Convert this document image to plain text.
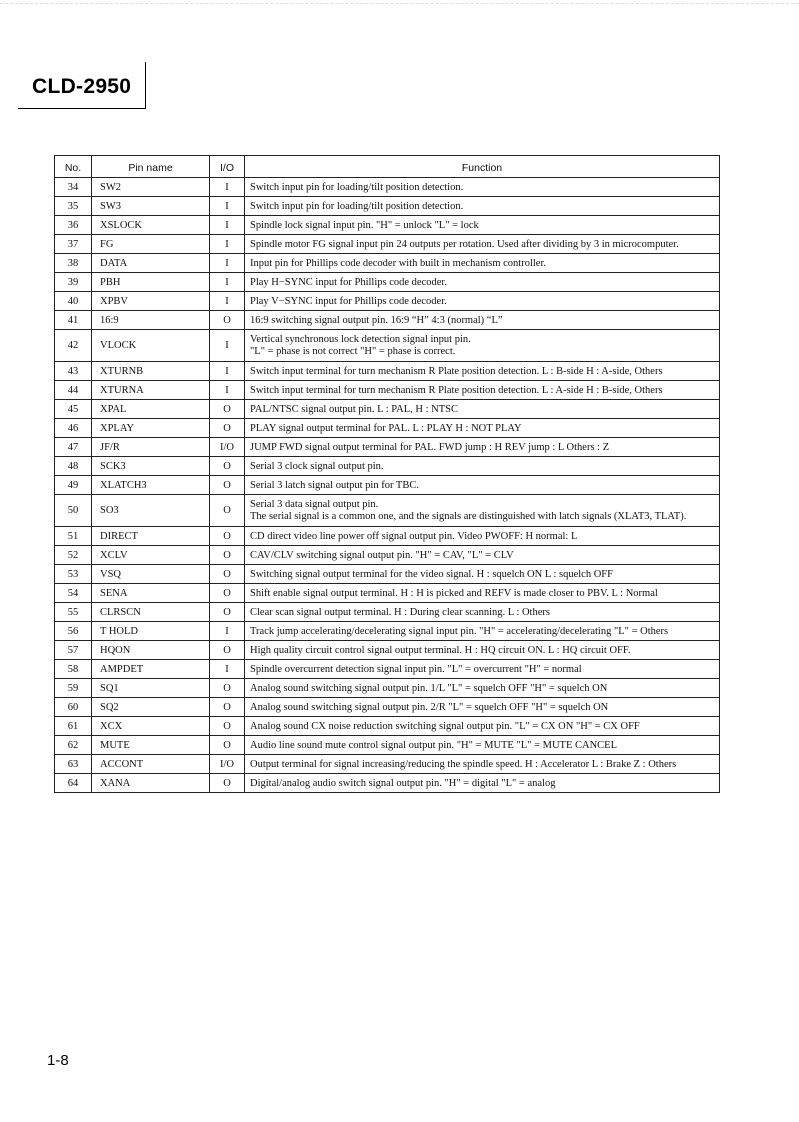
CLD-2950
No.	Pin name	I/O	Function
34	SW2	I	Switch input pin for loading/tilt position detection.

35	SW3	I	Switch input pin for loading/tilt position detection.

36	XSLOCK	I	Spindle lock signal input pin. "H" = unlock "L" = lock

37	FG	I	Spindle motor FG signal input pin 24 outputs per rotation. Used after dividing by 3 in microcomputer.

38	DATA	I	Input pin for Phillips code decoder with built in mechanism controller.

39	PBH	I	Play H−SYNC input for Phillips code decoder.

40	XPBV	I	Play V−SYNC input for Phillips code decoder.

41	16:9	O	16:9 switching signal output pin. 16:9 “H” 4:3 (normal) “L”

42	VLOCK	I	Vertical synchronous lock detection signal input pin.
"L" = phase is not correct "H" = phase is correct.

43	XTURNB	I	Switch input terminal for turn mechanism R Plate position detection. L : B-side H : A-side, Others

44	XTURNA	I	Switch input terminal for turn mechanism R Plate position detection. L : A-side H : B-side, Others

45	XPAL	O	PAL/NTSC signal output pin. L : PAL, H : NTSC

46	XPLAY	O	PLAY signal output terminal for PAL. L : PLAY H : NOT PLAY

47	JF/R	I/O	JUMP FWD signal output terminal for PAL. FWD jump : H REV jump : L Others : Z

48	SCK3	O	Serial 3 clock signal output pin.

49	XLATCH3	O	Serial 3 latch signal output pin for TBC.

50	SO3	O	Serial 3 data signal output pin.
The serial signal is a common one, and the signals are distinguished with latch signals (XLAT3, TLAT).

51	DIRECT	O	CD direct video line power off signal output pin. Video PWOFF: H normal: L

52	XCLV	O	CAV/CLV switching signal output pin. "H" = CAV, "L" = CLV

53	VSQ	O	Switching signal output terminal for the video signal. H : squelch ON L : squelch OFF

54	SENA	O	Shift enable signal output terminal. H : H is picked and REFV is made closer to PBV. L : Normal

55	CLRSCN	O	Clear scan signal output terminal. H : During clear scanning. L : Others

56	T HOLD	I	Track jump accelerating/decelerating signal input pin. "H" = accelerating/decelerating "L" = Others

57	HQON	O	High quality circuit control signal output terminal. H : HQ circuit ON. L : HQ circuit OFF.

58	AMPDET	I	Spindle overcurrent detection signal input pin. "L" = overcurrent "H" = normal

59	SQ1	O	Analog sound switching signal output pin. 1/L "L" = squelch OFF "H" = squelch ON

60	SQ2	O	Analog sound switching signal output pin. 2/R "L" = squelch OFF "H" = squelch ON

61	XCX	O	Analog sound CX noise reduction switching signal output pin. "L" = CX ON "H" = CX OFF

62	MUTE	O	Audio line sound mute control signal output pin. "H" = MUTE "L" = MUTE CANCEL

63	ACCONT	I/O	Output terminal for signal increasing/reducing the spindle speed. H : Accelerator L : Brake Z : Others

64	XANA	O	Digital/analog audio switch signal output pin. "H" = digital "L" = analog
1-8
